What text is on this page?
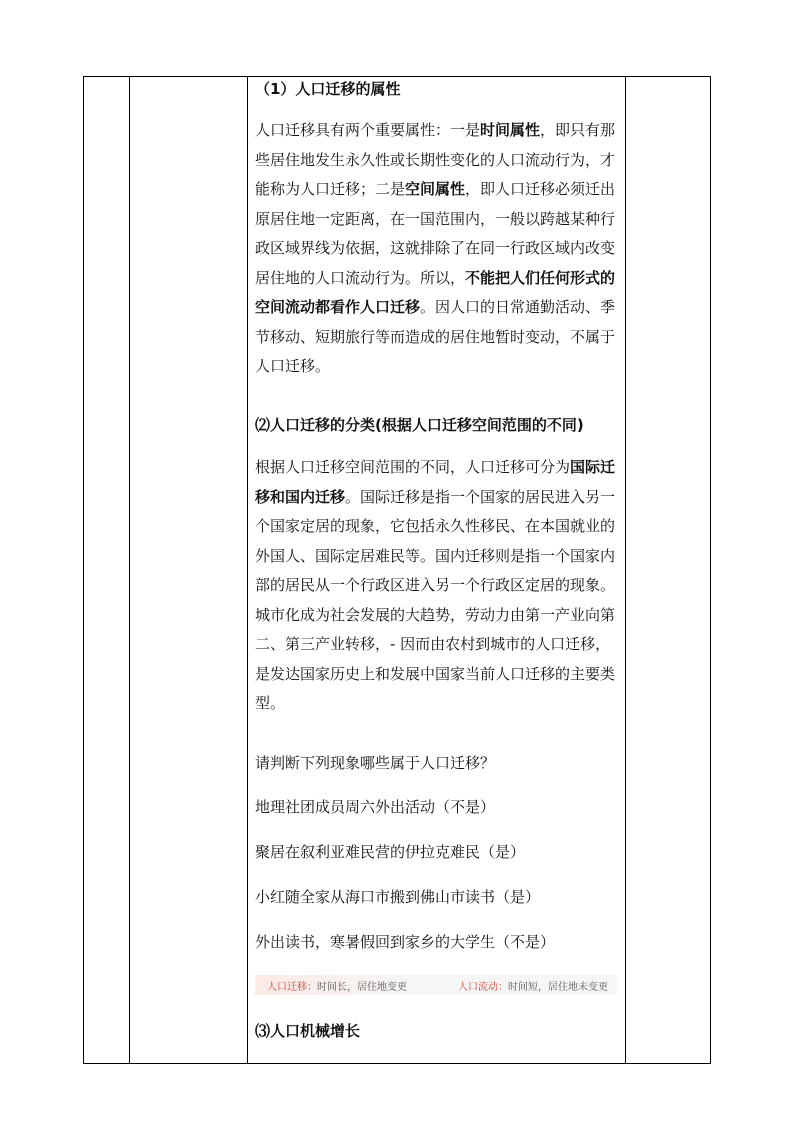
（1）人口迁移的属性

人口迁移具有两个重要属性：一是时间属性，即只有那些居住地发生永久性或长期性变化的人口流动行为，才能称为人口迁移；二是空间属性，即人口迁移必须迁出原居住地一定距离，在一国范围内，一般以跨越某种行政区域界线为依据，这就排除了在同一行政区域内改变居住地的人口流动行为。所以，不能把人们任何形式的空间流动都看作人口迁移。因人口的日常通勤活动、季节移动、短期旅行等而造成的居住地暂时变动，不属于人口迁移。

⑵人口迁移的分类(根据人口迁移空间范围的不同)

根据人口迁移空间范围的不同，人口迁移可分为国际迁移和国内迁移。国际迁移是指一个国家的居民进入另一个国家定居的现象，它包括永久性移民、在本国就业的外国人、国际定居难民等。国内迁移则是指一个国家内部的居民从一个行政区进入另一个行政区定居的现象。城市化成为社会发展的大趋势，劳动力由第一产业向第二、第三产业转移，- 因而由农村到城市的人口迁移，是发达国家历史上和发展中国家当前人口迁移的主要类型。

请判断下列现象哪些属于人口迁移？

地理社团成员周六外出活动（不是）

聚居在叙利亚难民营的伊拉克难民（是）

小红随全家从海口市搬到佛山市读书（是）

外出读书，寒暑假回到家乡的大学生（不是）

人口迁移： 时间长，居住地变更	人口流动： 时间短，居住地未变更

⑶人口机械增长
